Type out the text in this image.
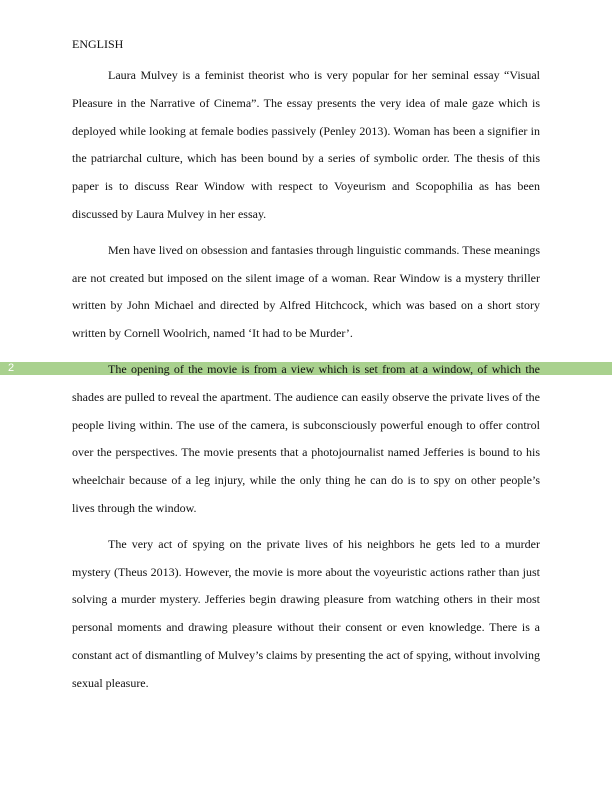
2
ENGLISH

Laura Mulvey is a feminist theorist who is very popular for her seminal essay “Visual Pleasure in the Narrative of Cinema”. The essay presents the very idea of male gaze which is deployed while looking at female bodies passively (Penley 2013). Woman has been a signifier in the patriarchal culture, which has been bound by a series of symbolic order. The thesis of this paper is to discuss Rear Window with respect to Voyeurism and Scopophilia as has been discussed by Laura Mulvey in her essay.

Men have lived on obsession and fantasies through linguistic commands. These meanings are not created but imposed on the silent image of a woman. Rear Window is a mystery thriller written by John Michael and directed by Alfred Hitchcock, which was based on a short story written by Cornell Woolrich, named ‘It had to be Murder’.

The opening of the movie is from a view which is set from at a window, of which the shades are pulled to reveal the apartment. The audience can easily observe the private lives of the people living within. The use of the camera, is subconsciously powerful enough to offer control over the perspectives. The movie presents that a photojournalist named Jefferies is bound to his wheelchair because of a leg injury, while the only thing he can do is to spy on other people’s lives through the window.

The very act of spying on the private lives of his neighbors he gets led to a murder mystery (Theus 2013). However, the movie is more about the voyeuristic actions rather than just solving a murder mystery. Jefferies begin drawing pleasure from watching others in their most personal moments and drawing pleasure without their consent or even knowledge. There is a constant act of dismantling of Mulvey’s claims by presenting the act of spying, without involving sexual pleasure.
